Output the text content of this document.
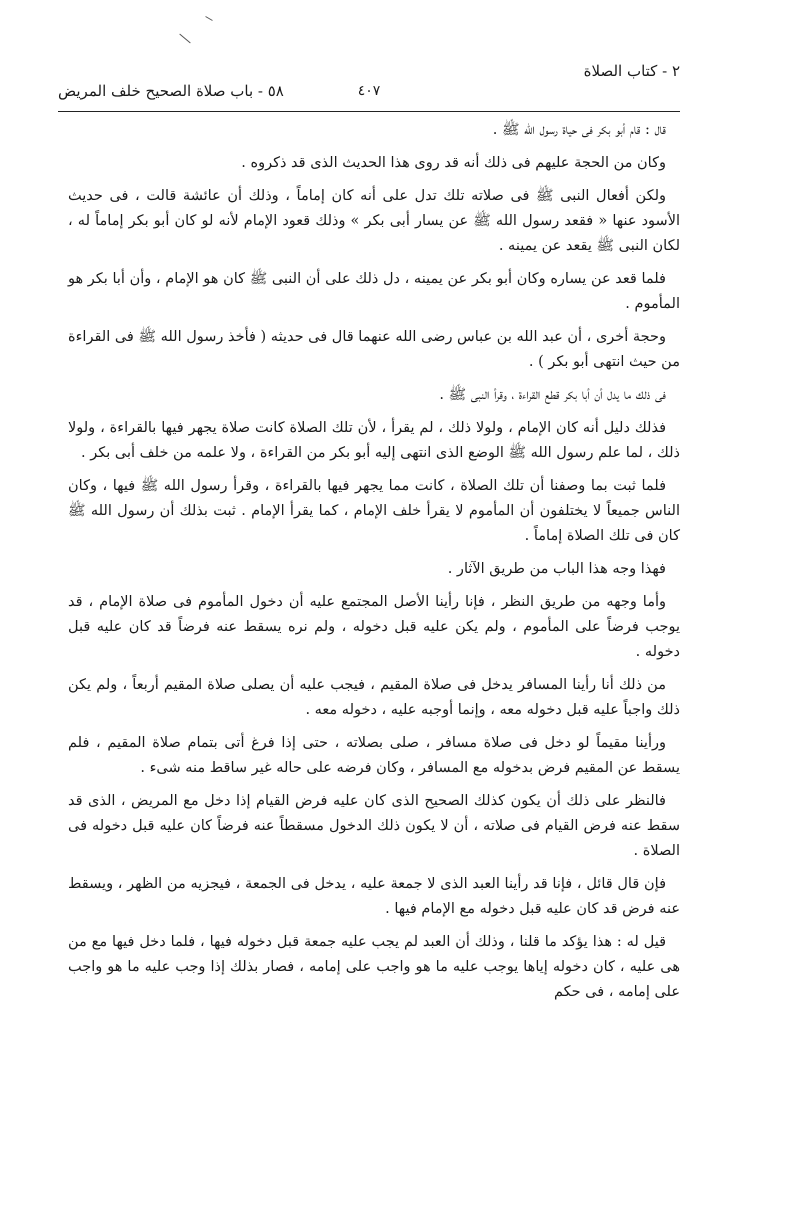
٢ - كتاب الصلاة
٤٠٧
٥٨ - باب صلاة الصحيح خلف المريض

قال : قام أبو بكر فى حياة رسول الله ﷺ .

وكان من الحجة عليهم فى ذلك أنه قد روى هذا الحديث الذى قد ذكروه .

ولكن أفعال النبى ﷺ فى صلاته تلك تدل على أنه كان إماماً ، وذلك أن عائشة قالت ، فى حديث الأسود عنها « فقعد رسول الله ﷺ عن يسار أبى بكر » وذلك قعود الإمام لأنه لو كان أبو بكر إماماً له ، لكان النبى ﷺ يقعد عن يمينه .

فلما قعد عن يساره وكان أبو بكر عن يمينه ، دل ذلك على أن النبى ﷺ كان هو الإمام ، وأن أبا بكر هو المأموم .

وحجة أخرى ، أن عبد الله بن عباس رضى الله عنهما قال فى حديثه ( فأخذ رسول الله ﷺ فى القراءة من حيث انتهى أبو بكر ) .

فى ذلك ما يدل أن أبا بكر قطع القراءة ، وقرأ النبى ﷺ .

فذلك دليل أنه كان الإمام ، ولولا ذلك ، لم يقرأ ، لأن تلك الصلاة كانت صلاة يجهر فيها بالقراءة ، ولولا ذلك ، لما علم رسول الله ﷺ الوضع الذى انتهى إليه أبو بكر من القراءة ، ولا علمه من خلف أبى بكر .

فلما ثبت بما وصفنا أن تلك الصلاة ، كانت مما يجهر فيها بالقراءة ، وقرأ رسول الله ﷺ فيها ، وكان الناس جميعاً لا يختلفون أن المأموم لا يقرأ خلف الإمام ، كما يقرأ الإمام . ثبت بذلك أن رسول الله ﷺ كان فى تلك الصلاة إماماً .

فهذا وجه هذا الباب من طريق الآثار .

وأما وجهه من طريق النظر ، فإنا رأينا الأصل المجتمع عليه أن دخول المأموم فى صلاة الإمام ، قد يوجب فرضاً على المأموم ، ولم يكن عليه قبل دخوله ، ولم نره يسقط عنه فرضاً قد كان عليه قبل دخوله .

من ذلك أنا رأينا المسافر يدخل فى صلاة المقيم ، فيجب عليه أن يصلى صلاة المقيم أربعاً ، ولم يكن ذلك واجباً عليه قبل دخوله معه ، وإنما أوجبه عليه ، دخوله معه .

ورأينا مقيماً لو دخل فى صلاة مسافر ، صلى بصلاته ، حتى إذا فرغ أتى بتمام صلاة المقيم ، فلم يسقط عن المقيم فرض بدخوله مع المسافر ، وكان فرضه على حاله غير ساقط منه شىء .

فالنظر على ذلك أن يكون كذلك الصحيح الذى كان عليه فرض القيام إذا دخل مع المريض ، الذى قد سقط عنه فرض القيام فى صلاته ، أن لا يكون ذلك الدخول مسقطاً عنه فرضاً كان عليه قبل دخوله فى الصلاة .

فإن قال قائل ، فإنا قد رأينا العبد الذى لا جمعة عليه ، يدخل فى الجمعة ، فيجزيه من الظهر ، ويسقط عنه فرض قد كان عليه قبل دخوله مع الإمام فيها .

قيل له : هذا يؤكد ما قلنا ، وذلك أن العبد لم يجب عليه جمعة قبل دخوله فيها ، فلما دخل فيها مع من هى عليه ، كان دخوله إياها يوجب عليه ما هو واجب على إمامه ، فصار بذلك إذا وجب عليه ما هو واجب على إمامه ، فى حكم
